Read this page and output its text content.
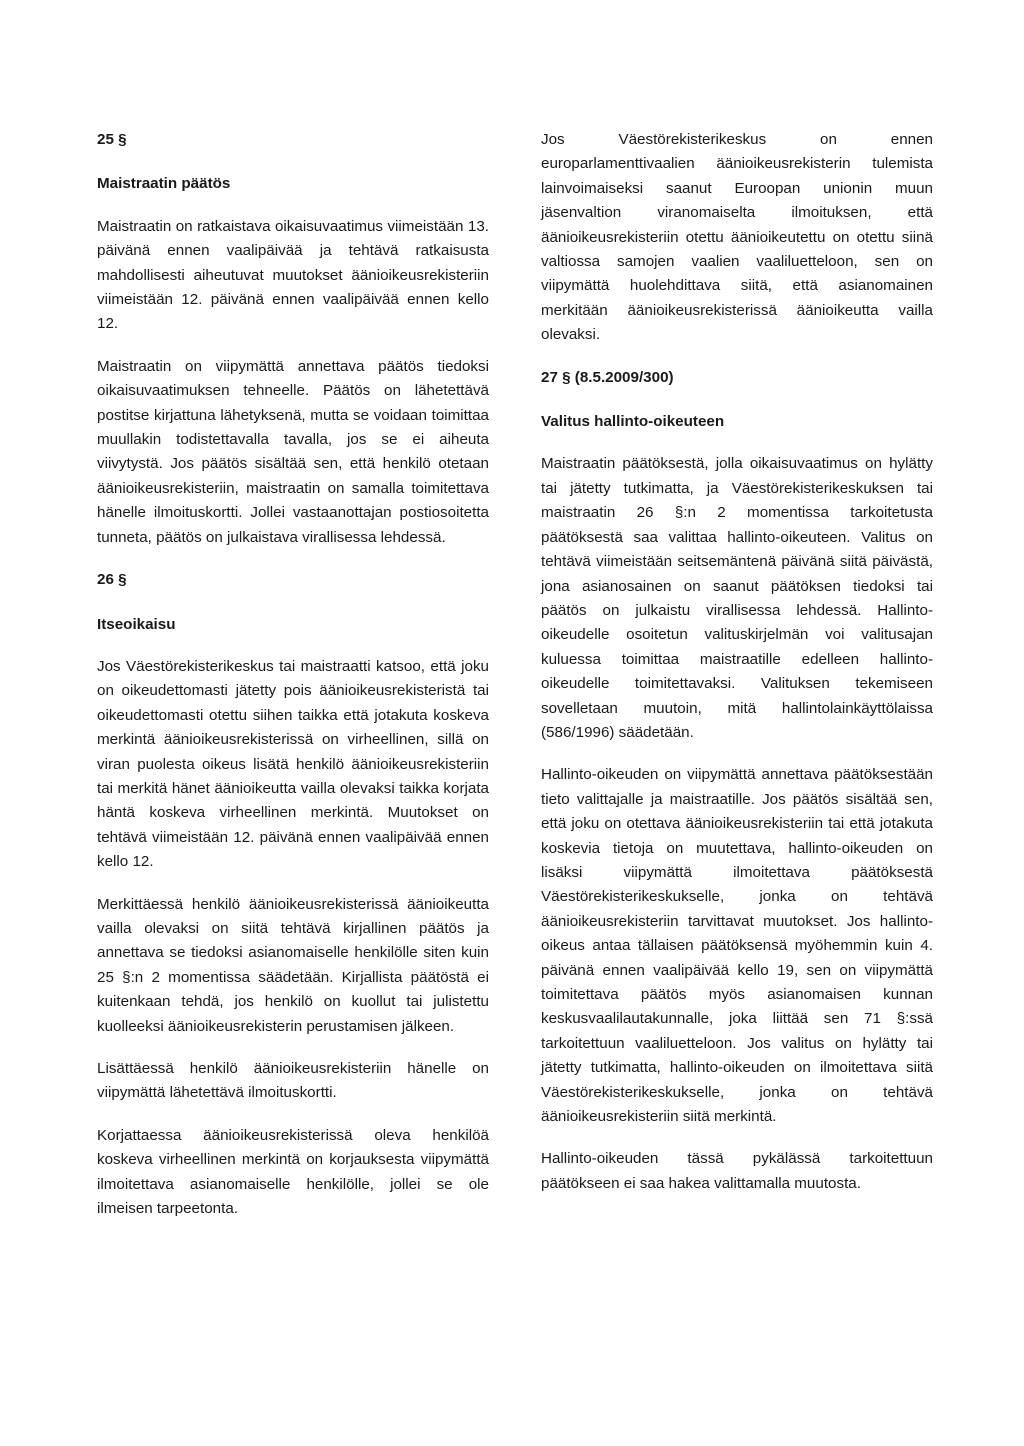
25 §
Maistraatin päätös

Maistraatin on ratkaistava oikaisuvaatimus viimeistään 13. päivänä ennen vaalipäivää ja tehtävä ratkaisusta mahdollisesti aiheutuvat muutokset äänioikeusrekisteriin viimeistään 12. päivänä ennen vaalipäivää ennen kello 12.

Maistraatin on viipymättä annettava päätös tiedoksi oikaisuvaatimuksen tehneelle. Päätös on lähetettävä postitse kirjattuna lähetyksenä, mutta se voidaan toimittaa muullakin todistettavalla tavalla, jos se ei aiheuta viivytystä. Jos päätös sisältää sen, että henkilö otetaan äänioikeusrekisteriin, maistraatin on samalla toimitettava hänelle ilmoituskortti. Jollei vastaanottajan postiosoitetta tunneta, päätös on julkaistava virallisessa lehdessä.

26 §
Itseoikaisu

Jos Väestörekisterikeskus tai maistraatti katsoo, että joku on oikeudettomasti jätetty pois äänioikeusrekisteristä tai oikeudettomasti otettu siihen taikka että jotakuta koskeva merkintä äänioikeusrekisterissä on virheellinen, sillä on viran puolesta oikeus lisätä henkilö äänioikeusrekisteriin tai merkitä hänet äänioikeutta vailla olevaksi taikka korjata häntä koskeva virheellinen merkintä. Muutokset on tehtävä viimeistään 12. päivänä ennen vaalipäivää ennen kello 12.

Merkittäessä henkilö äänioikeusrekisterissä äänioikeutta vailla olevaksi on siitä tehtävä kirjallinen päätös ja annettava se tiedoksi asianomaiselle henkilölle siten kuin 25 §:n 2 momentissa säädetään. Kirjallista päätöstä ei kuitenkaan tehdä, jos henkilö on kuollut tai julistettu kuolleeksi äänioikeusrekisterin perustamisen jälkeen.

Lisättäessä henkilö äänioikeusrekisteriin hänelle on viipymättä lähetettävä ilmoituskortti.

Korjattaessa äänioikeusrekisterissä oleva henkilöä koskeva virheellinen merkintä on korjauksesta viipymättä ilmoitettava asianomaiselle henkilölle, jollei se ole ilmeisen tarpeetonta.

Jos Väestörekisterikeskus on ennen europarlamenttivaalien äänioikeusrekisterin tulemista lainvoimaiseksi saanut Euroopan unionin muun jäsenvaltion viranomaiselta ilmoituksen, että äänioikeusrekisteriin otettu äänioikeutettu on otettu siinä valtiossa samojen vaalien vaaliluetteloon, sen on viipymättä huolehdittava siitä, että asianomainen merkitään äänioikeusrekisterissä äänioikeutta vailla olevaksi.

27 § (8.5.2009/300)
Valitus hallinto-oikeuteen

Maistraatin päätöksestä, jolla oikaisuvaatimus on hylätty tai jätetty tutkimatta, ja Väestörekisterikeskuksen tai maistraatin 26 §:n 2 momentissa tarkoitetusta päätöksestä saa valittaa hallinto-oikeuteen. Valitus on tehtävä viimeistään seitsemäntenä päivänä siitä päivästä, jona asianosainen on saanut päätöksen tiedoksi tai päätös on julkaistu virallisessa lehdessä. Hallinto-oikeudelle osoitetun valituskirjelmän voi valitusajan kuluessa toimittaa maistraatille edelleen hallinto-oikeudelle toimitettavaksi. Valituksen tekemiseen sovelletaan muutoin, mitä hallintolainkäyttölaissa (586/1996) säädetään.

Hallinto-oikeuden on viipymättä annettava päätöksestään tieto valittajalle ja maistraatille. Jos päätös sisältää sen, että joku on otettava äänioikeusrekisteriin tai että jotakuta koskevia tietoja on muutettava, hallinto-oikeuden on lisäksi viipymättä ilmoitettava päätöksestä Väestörekisterikeskukselle, jonka on tehtävä äänioikeusrekisteriin tarvittavat muutokset. Jos hallinto-oikeus antaa tällaisen päätöksensä myöhemmin kuin 4. päivänä ennen vaalipäivää kello 19, sen on viipymättä toimitettava päätös myös asianomaisen kunnan keskusvaalilautakunnalle, joka liittää sen 71 §:ssä tarkoitettuun vaaliluetteloon. Jos valitus on hylätty tai jätetty tutkimatta, hallinto-oikeuden on ilmoitettava siitä Väestörekisterikeskukselle, jonka on tehtävä äänioikeusrekisteriin siitä merkintä.

Hallinto-oikeuden tässä pykälässä tarkoitettuun päätökseen ei saa hakea valittamalla muutosta.
